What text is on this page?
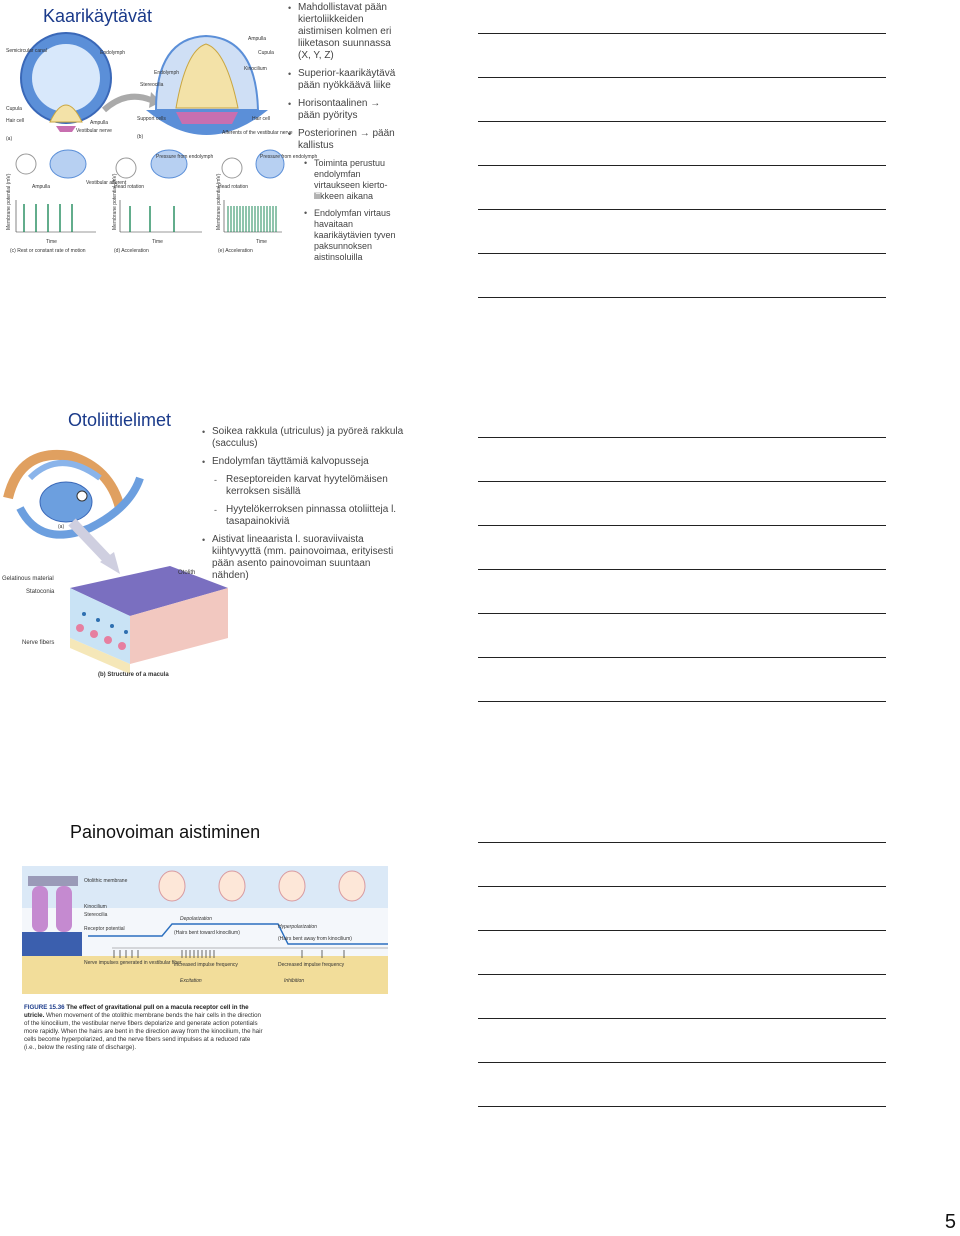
Kaarikäytävät
Semicircular canal	Endolymph
Cupula
Hair cell	Ampulla
Vestibular nerve
(a)
Endolymph
Stereocilia
Support cells
Ampulla
Cupula
Kinocilium
Hair cell
Afferents of the vestibular nerve
(b)
Ampulla
Vestibular afferent
Time
(c) Rest or constant rate of motion
Membrane potential (mV)
Pressure from endolymph
Head rotation
Time
(d) Acceleration
Membrane potential (mV)
Pressure from endolymph
Head rotation
Time
(e) Acceleration
Membrane potential (mV)
• Mahdollistavat pään kiertoliikkeiden aistimisen kolmen eri liiketason suunnassa (X, Y, Z)
• Superior-kaarikäytävä pään nyökkäävä liike
• Horisontaalinen → pään pyöritys
• Posteriorinen → pään kallistus
• Toiminta perustuu endolymfan virtaukseen kierto-liikkeen aikana
• Endolymfan virtaus havaitaan kaarikäytävien tyven paksunnoksen aistinsoluilla
Otoliittielimet
(a)
Otolith
Gelatinous material
Statoconia
Nerve fibers
(b) Structure of a macula
• Soikea rakkula (utriculus) ja pyöreä rakkula (sacculus)
• Endolymfan täyttämiä kalvopusseja
- Reseptoreiden karvat hyytelömäisen kerroksen sisällä
- Hyytelökerroksen pinnassa otoliitteja l. tasapainokiviä
• Aistivat lineaarista l. suoraviivaista kiihtyvyyttä (mm. painovoimaa, erityisesti pään asento painovoiman suuntaan nähden)
Painovoiman aistiminen
Otolithic membrane
Kinocilium
Stereocilia
Receptor potential
Nerve impulses generated in vestibular fiber
Depolarization
(Hairs bent toward kinocilium)
Hyperpolarization
(Hairs bent away from kinocilium)
Increased impulse frequency
Excitation
Decreased impulse frequency
Inhibition
FIGURE 15.36 The effect of gravitational pull on a macula receptor cell in the utricle. When movement of the otolithic membrane bends the hair cells in the direction of the kinocilium, the vestibular nerve fibers depolarize and generate action potentials more rapidly. When the hairs are bent in the direction away from the kinocilium, the hair cells become hyperpolarized, and the nerve fibers send impulses at a reduced rate (i.e., below the resting rate of discharge).
5
